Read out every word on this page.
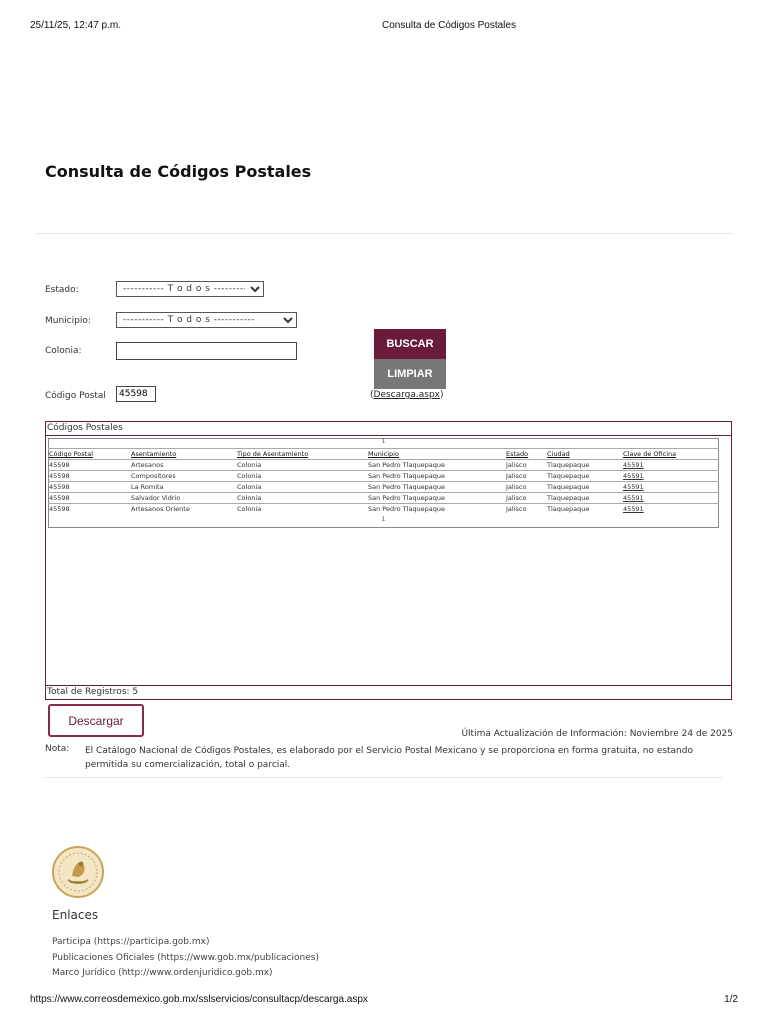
25/11/25, 12:47 p.m.	Consulta de Códigos Postales
Consulta de Códigos Postales
Estado:
----------- T o d o s -----------
Municipio:
----------- T o d o s -----------
Colonia:
Código Postal
45598
BUSCAR
LIMPIAR
(Descarga.aspx)
Códigos Postales
1
Código Postal	Asentamiento	Tipo de Asentamiento	Municipio	Estado	Ciudad	Clave de Oficina
45598	Artesanos	Colonia	San Pedro Tlaquepaque	Jalisco	Tlaquepaque	45591
45598	Compositores	Colonia	San Pedro Tlaquepaque	Jalisco	Tlaquepaque	45591
45598	La Romita	Colonia	San Pedro Tlaquepaque	Jalisco	Tlaquepaque	45591
45598	Salvador Vidrio	Colonia	San Pedro Tlaquepaque	Jalisco	Tlaquepaque	45591
45598	Artesanos Oriente	Colonia	San Pedro Tlaquepaque	Jalisco	Tlaquepaque	45591
1
Total de Registros: 5
Descargar
Última Actualización de Información: Noviembre 24 de 2025
Nota: El Catálogo Nacional de Códigos Postales, es elaborado por el Servicio Postal Mexicano y se proporciona en forma gratuita, no estando permitida su comercialización, total o parcial.
Enlaces
Participa (https://participa.gob.mx)
Publicaciones Oficiales (https://www.gob.mx/publicaciones)
Marco Jurídico (http://www.ordenjuridico.gob.mx)
https://www.correosdemexico.gob.mx/sslservicios/consultacp/descarga.aspx	1/2
